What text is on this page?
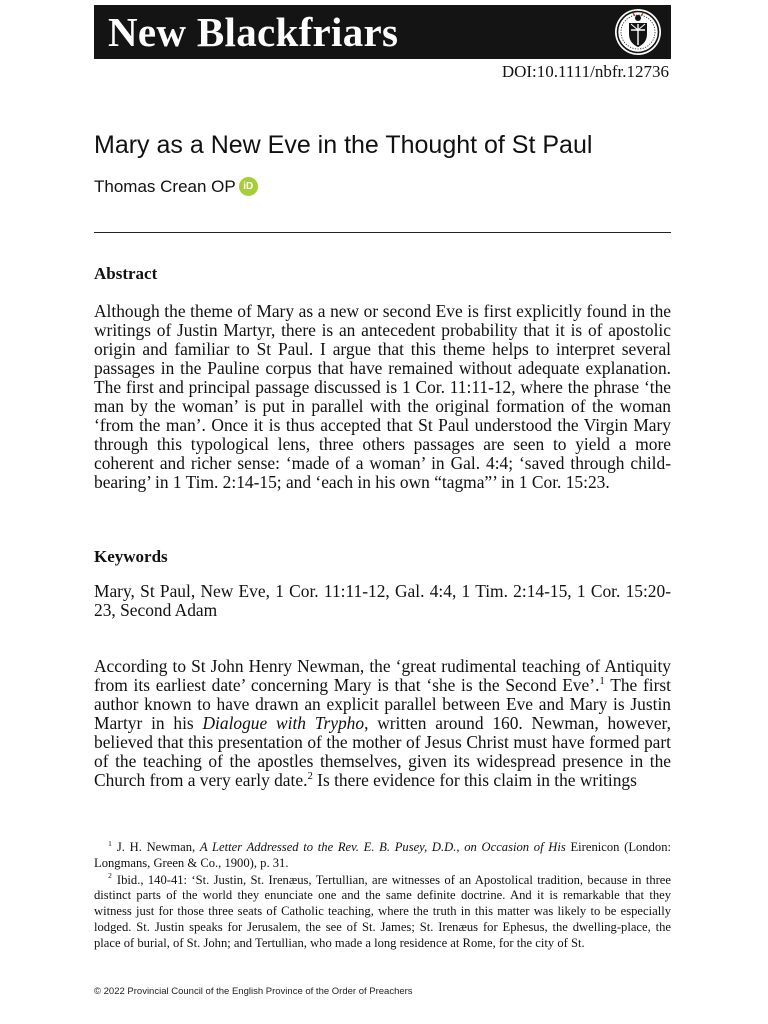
New Blackfriars
DOI:10.1111/nbfr.12736
Mary as a New Eve in the Thought of St Paul
Thomas Crean OP iD
Abstract

Although the theme of Mary as a new or second Eve is first explicitly found in the writings of Justin Martyr, there is an antecedent probability that it is of apostolic origin and familiar to St Paul. I argue that this theme helps to interpret several passages in the Pauline corpus that have remained without adequate explanation. The first and principal passage discussed is 1 Cor. 11:11-12, where the phrase ‘the man by the woman’ is put in parallel with the original formation of the woman ‘from the man’. Once it is thus accepted that St Paul understood the Virgin Mary through this typological lens, three others passages are seen to yield a more coherent and richer sense: ‘made of a woman’ in Gal. 4:4; ‘saved through child-bearing’ in 1 Tim. 2:14-15; and ‘each in his own “tagma”’ in 1 Cor. 15:23.

Keywords

Mary, St Paul, New Eve, 1 Cor. 11:11-12, Gal. 4:4, 1 Tim. 2:14-15, 1 Cor. 15:20-23, Second Adam

According to St John Henry Newman, the ‘great rudimental teaching of Antiquity from its earliest date’ concerning Mary is that ‘she is the Second Eve’.$^1$ The first author known to have drawn an explicit parallel between Eve and Mary is Justin Martyr in his Dialogue with Trypho, written around 160. Newman, however, believed that this presentation of the mother of Jesus Christ must have formed part of the teaching of the apostles themselves, given its widespread presence in the Church from a very early date.$^2$ Is there evidence for this claim in the writings

$^1$ J. H. Newman, A Letter Addressed to the Rev. E. B. Pusey, D.D., on Occasion of His Eirenicon (London: Longmans, Green & Co., 1900), p. 31.

$^2$ Ibid., 140-41: ‘St. Justin, St. Irenæus, Tertullian, are witnesses of an Apostolical tradition, because in three distinct parts of the world they enunciate one and the same definite doctrine. And it is remarkable that they witness just for those three seats of Catholic teaching, where the truth in this matter was likely to be especially lodged. St. Justin speaks for Jerusalem, the see of St. James; St. Irenæus for Ephesus, the dwelling-place, the place of burial, of St. John; and Tertullian, who made a long residence at Rome, for the city of St.

© 2022 Provincial Council of the English Province of the Order of Preachers
